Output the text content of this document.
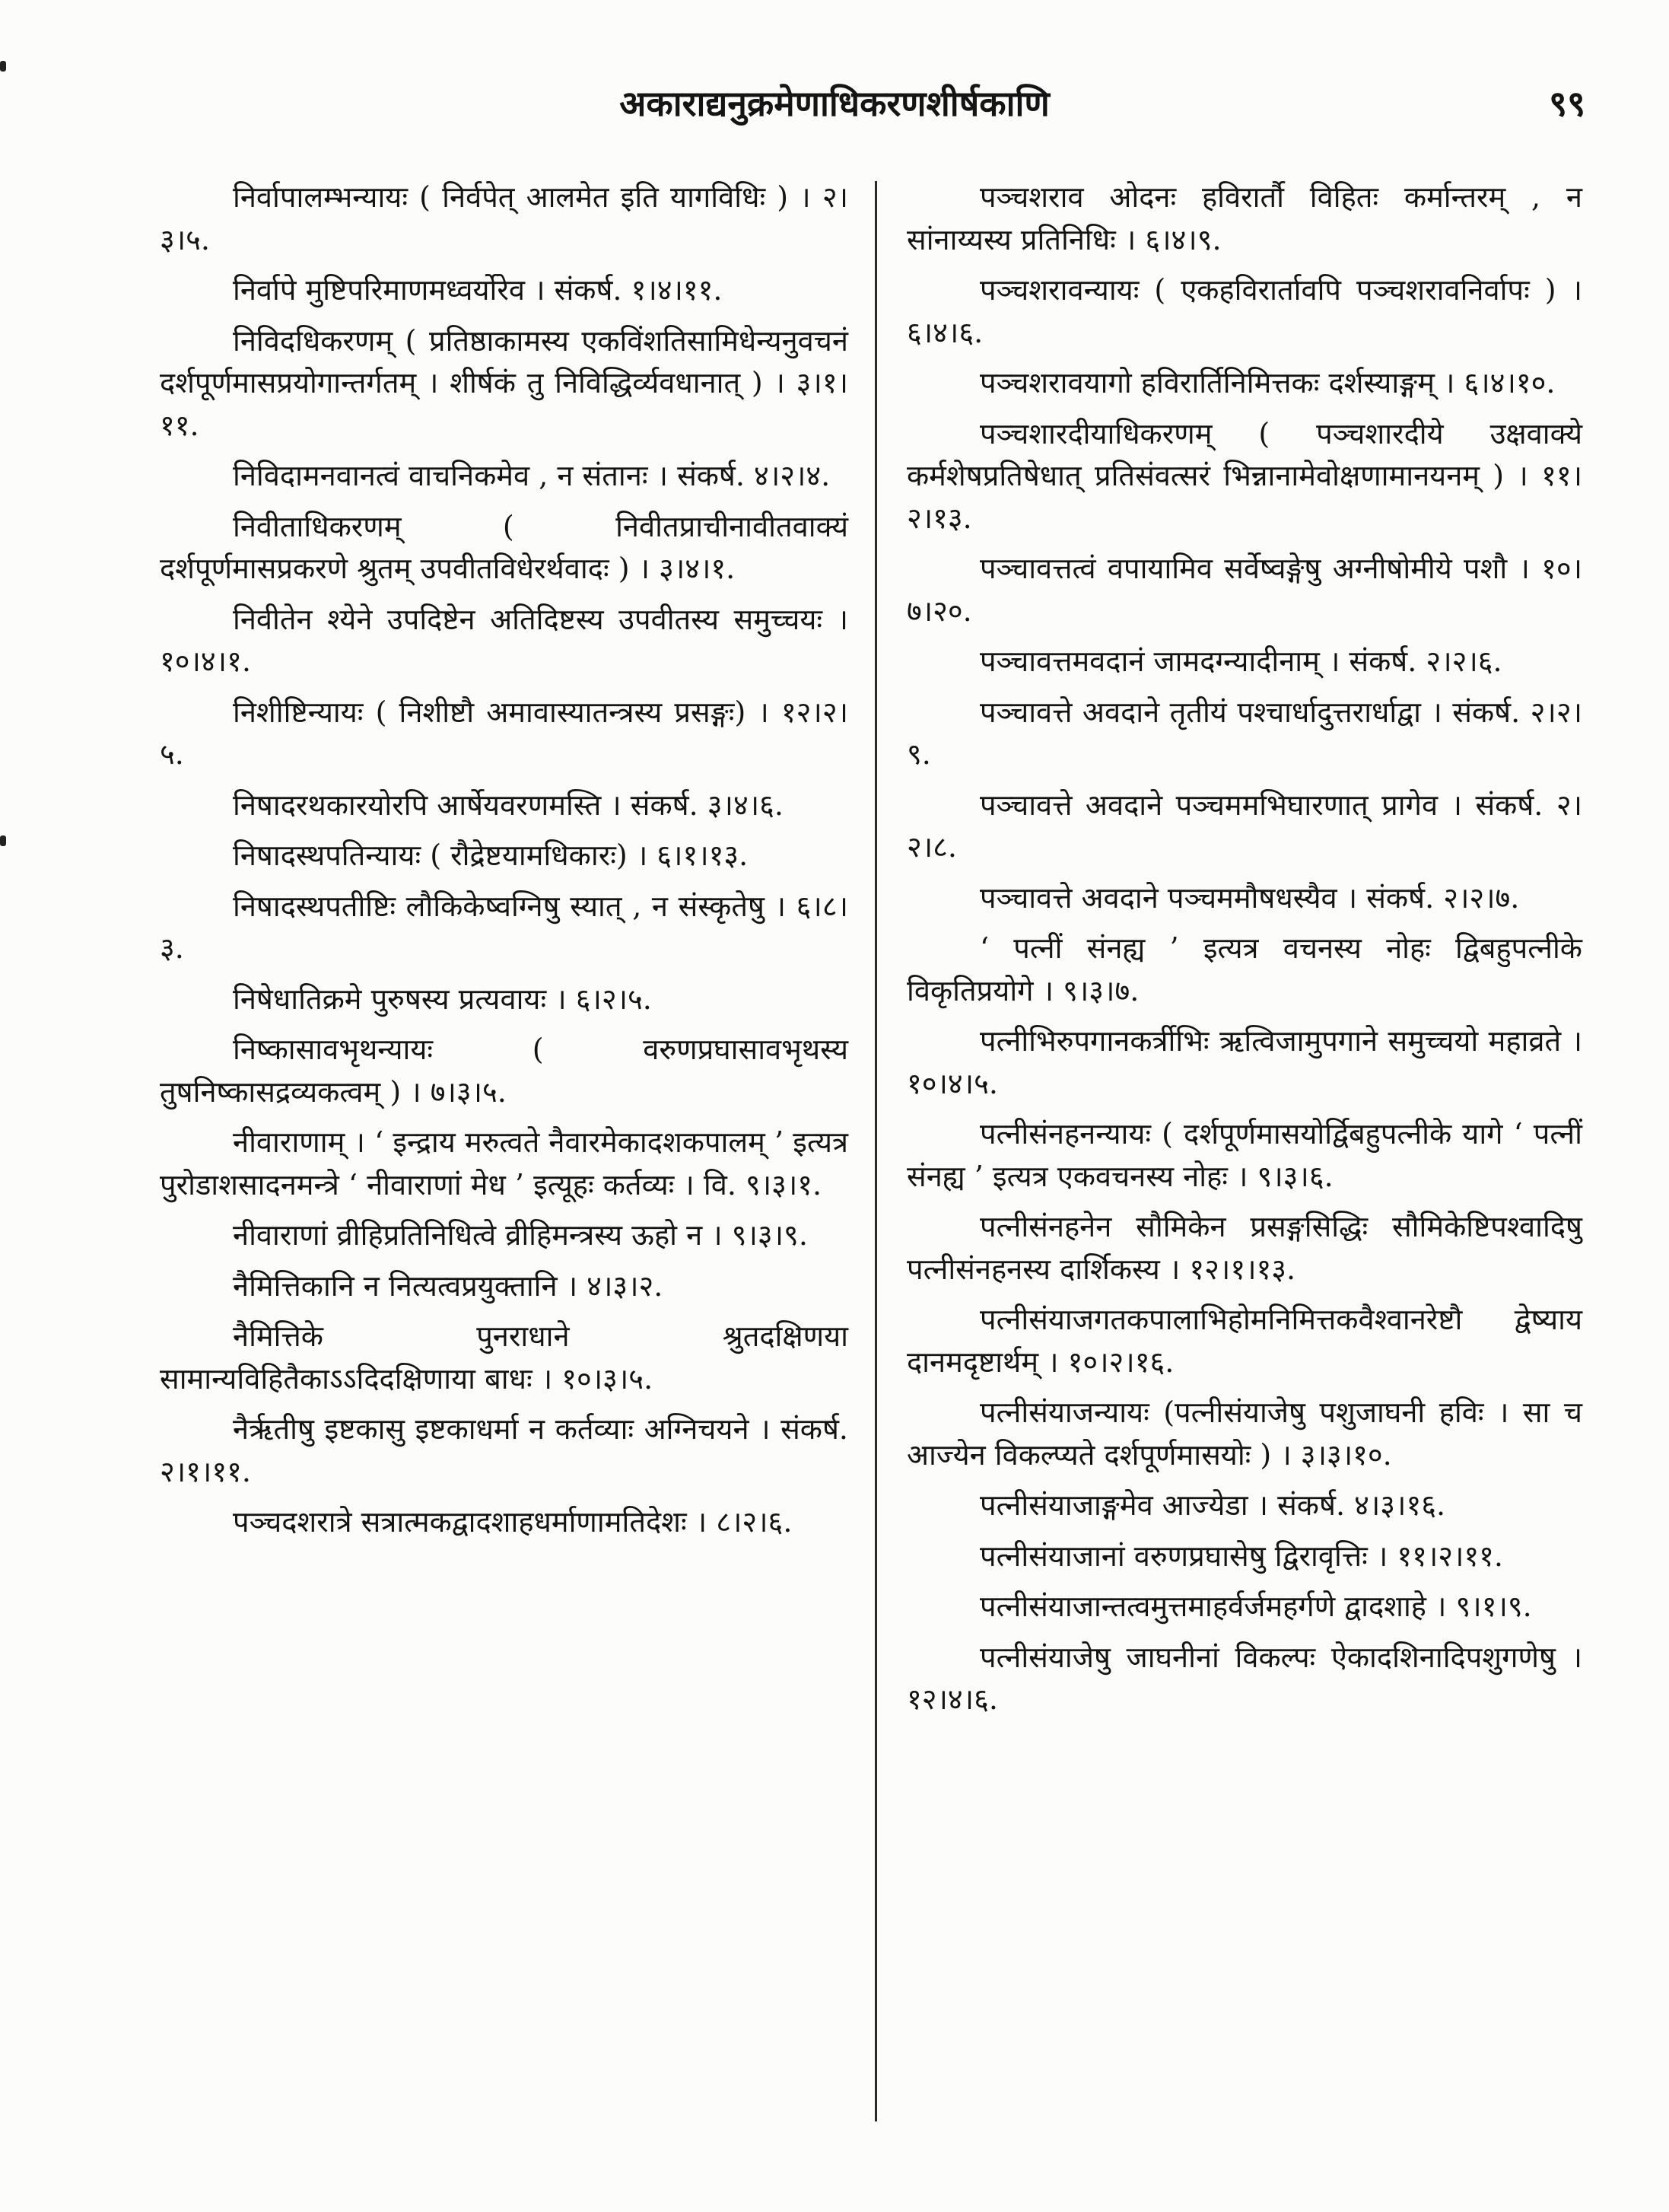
अकाराद्यनुक्रमेणाधिकरणशीर्षकाणि	९९

निर्वापालम्भन्यायः ( निर्वपेत् आलमेत इति यागविधिः ) । २।३।५.

निर्वापे मुष्टिपरिमाणमध्वर्योरेव । संकर्ष. १।४।११.

निविदधिकरणम् ( प्रतिष्ठाकामस्य एकविंशतिसामिधेन्यनुवचनं दर्शपूर्णमासप्रयोगान्तर्गतम् । शीर्षकं तु निविद्धिर्व्यवधानात् ) । ३।१।११.

निविदामनवानत्वं वाचनिकमेव , न संतानः । संकर्ष. ४।२।४.

निवीताधिकरणम् ( निवीतप्राचीनावीतवाक्यं दर्शपूर्णमासप्रकरणे श्रुतम् उपवीतविधेरर्थवादः ) । ३।४।१.

निवीतेन श्येने उपदिष्टेन अतिदिष्टस्य उपवीतस्य समुच्चयः । १०।४।१.

निशीष्टिन्यायः ( निशीष्टौ अमावास्यातन्त्रस्य प्रसङ्गः) । १२।२।५.

निषादरथकारयोरपि आर्षेयवरणमस्ति । संकर्ष. ३।४।६.

निषादस्थपतिन्यायः ( रौद्रेष्टयामधिकारः) । ६।१।१३.

निषादस्थपतीष्टिः लौकिकेष्वग्निषु स्यात् , न संस्कृतेषु । ६।८।३.

निषेधातिक्रमे पुरुषस्य प्रत्यवायः । ६।२।५.

निष्कासावभृथन्यायः ( वरुणप्रघासावभृथस्य तुषनिष्कासद्रव्यकत्वम् ) । ७।३।५.

नीवाराणाम् । ‘ इन्द्राय मरुत्वते नैवारमेकादशकपालम् ’ इत्यत्र पुरोडाशसादनमन्त्रे ‘ नीवाराणां मेध ’ इत्यूहः कर्तव्यः । वि. ९।३।१.

नीवाराणां व्रीहिप्रतिनिधित्वे व्रीहिमन्त्रस्य ऊहो न । ९।३।९.

नैमित्तिकानि न नित्यत्वप्रयुक्तानि । ४।३।२.

नैमित्तिके पुनराधाने श्रुतदक्षिणया सामान्यविहितैकाऽऽदिदक्षिणाया बाधः । १०।३।५.

नैर्ऋतीषु इष्टकासु इष्टकाधर्मा न कर्तव्याः अग्निचयने । संकर्ष. २।१।११.

पञ्चदशरात्रे सत्रात्मकद्वादशाहधर्माणामतिदेशः । ८।२।६.

पञ्चशराव ओदनः हविरार्तौ विहितः कर्मान्तरम् , न सांनाय्यस्य प्रतिनिधिः । ६।४।९.

पञ्चशरावन्यायः ( एकहविरार्तावपि पञ्चशरावनिर्वापः ) । ६।४।६.

पञ्चशरावयागो हविरार्तिनिमित्तकः दर्शस्याङ्गम् । ६।४।१०.

पञ्चशारदीयाधिकरणम् ( पञ्चशारदीये उक्षवाक्ये कर्मशेषप्रतिषेधात् प्रतिसंवत्सरं भिन्नानामेवोक्षणामानयनम् ) । ११।२।१३.

पञ्चावत्तत्वं वपायामिव सर्वेष्वङ्गेषु अग्नीषोमीये पशौ । १०।७।२०.

पञ्चावत्तमवदानं जामदग्न्यादीनाम् । संकर्ष. २।२।६.

पञ्चावत्ते अवदाने तृतीयं पश्चार्धादुत्तरार्धाद्वा । संकर्ष. २।२।९.

पञ्चावत्ते अवदाने पञ्चममभिघारणात् प्रागेव । संकर्ष. २।२।८.

पञ्चावत्ते अवदाने पञ्चममौषधस्यैव । संकर्ष. २।२।७.

‘ पत्नीं संनह्य ’ इत्यत्र वचनस्य नोहः द्विबहुपत्नीके विकृतिप्रयोगे । ९।३।७.

पत्नीभिरुपगानकर्त्रीभिः ऋत्विजामुपगाने समुच्चयो महाव्रते । १०।४।५.

पत्नीसंनहनन्यायः ( दर्शपूर्णमासयोर्द्विबहुपत्नीके यागे ‘ पत्नीं संनह्य ’ इत्यत्र एकवचनस्य नोहः । ९।३।६.

पत्नीसंनहनेन सौमिकेन प्रसङ्गसिद्धिः सौमिकेष्टिपश्वादिषु पत्नीसंनहनस्य दार्शिकस्य । १२।१।१३.

पत्नीसंयाजगतकपालाभिहोमनिमित्तकवैश्वानरेष्टौ द्वेष्याय दानमदृष्टार्थम् । १०।२।१६.

पत्नीसंयाजन्यायः (पत्नीसंयाजेषु पशुजाघनी हविः । सा च आज्येन विकल्प्यते दर्शपूर्णमासयोः ) । ३।३।१०.

पत्नीसंयाजाङ्गमेव आज्येडा । संकर्ष. ४।३।१६.

पत्नीसंयाजानां वरुणप्रघासेषु द्विरावृत्तिः । ११।२।११.

पत्नीसंयाजान्तत्वमुत्तमाहर्वर्जमहर्गणे द्वादशाहे । ९।१।९.

पत्नीसंयाजेषु जाघनीनां विकल्पः ऐकादशिनादिपशुगणेषु । १२।४।६.
